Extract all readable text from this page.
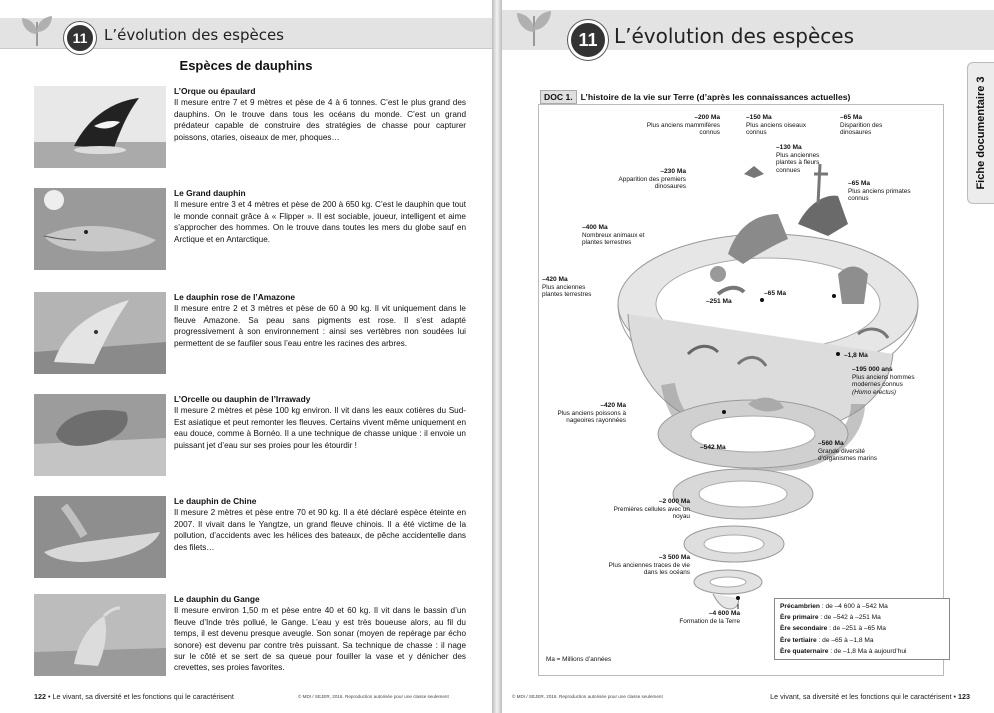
11	L’évolution des espèces
Espèces de dauphins
L’Orque ou épaulard
Il mesure entre 7 et 9 mètres et pèse de 4 à 6 tonnes. C’est le plus grand des dauphins. On le trouve dans tous les océans du monde. C’est un grand prédateur capable de construire des stratégies de chasse pour capturer poissons, otaries, oiseaux de mer, phoques…
Le Grand dauphin
Il mesure entre 3 et 4 mètres et pèse de 200 à 650 kg. C’est le dauphin que tout le monde connait grâce à « Flipper ». Il est sociable, joueur, intelligent et aime s’approcher des hommes. On le trouve dans toutes les mers du globe sauf en Arctique et en Antarctique.
Le dauphin rose de l’Amazone
Il mesure entre 2 et 3 mètres et pèse de 60 à 90 kg. Il vit uniquement dans le fleuve Amazone. Sa peau sans pigments est rose. Il s’est adapté progressivement à son environnement : ainsi ses vertèbres non soudées lui permettent de se faufiler sous l’eau entre les racines des arbres.
L’Orcelle ou dauphin de l’Irrawady
Il mesure 2 mètres et pèse 100 kg environ. Il vit dans les eaux cotières du Sud-Est asiatique et peut remonter les fleuves. Certains vivent même uniquement en eau douce, comme à Bornéo. Il a une technique de chasse unique : il envoie un puissant jet d’eau sur ses proies pour les étourdir !
Le dauphin de Chine
Il mesure 2 mètres et pèse entre 70 et 90 kg. Il a été déclaré espèce éteinte en 2007. Il vivait dans le Yangtze, un grand fleuve chinois. Il a été victime de la pollution, d’accidents avec les hélices des bateaux, de pêche accidentelle dans des filets…
Le dauphin du Gange
Il mesure environ 1,50 m et pèse entre 40 et 60 kg. Il vit dans le bassin d’un fleuve d’Inde très pollué, le Gange. L’eau y est très boueuse alors, au fil du temps, il est devenu presque aveugle. Son sonar (moyen de repérage par écho sonore) est devenu par contre très puissant. Sa technique de chasse : il nage sur le côté et se sert de sa queue pour fouiller la vase et y dénicher des crevettes, ses proies favorites.
122 • Le vivant, sa diversité et les fonctions qui le caractérisent	© MDI / SEJER, 2016. Reproduction autorisée pour une classe seulement
11 L’évolution des espèces
Fiche documentaire 3
DOC 1. L’histoire de la vie sur Terre (d’après les connaissances actuelles)
–200 Ma
Plus anciens mammifères connus
–150 Ma
Plus anciens oiseaux connus
–65 Ma
Disparition des dinosaures
–130 Ma
Plus anciennes plantes à fleurs connues
–230 Ma
Apparition des premiers dinosaures	–65 Ma
Plus anciens primates connus
–400 Ma
Nombreux animaux et plantes terrestres
–420 Ma
Plus anciennes plantes terrestres
–251 Ma
–65 Ma
–1,8 Ma
–195 000 ans
Plus anciens hommes modernes connus
(Homo erectus)
–420 Ma
Plus anciens poissons à nageoires rayonnées
–542 Ma
–560 Ma
Grande diversité d’organismes marins
–2 000 Ma
Premières cellules avec un noyau
–3 500 Ma
Plus anciennes traces de vie dans les océans
–4 600 Ma
Formation de la Terre
Précambrien : de –4 600 à –542 Ma
Ère primaire : de –542 à –251 Ma
Ère secondaire : de –251 à –65 Ma
Ère tertiaire : de –65 à –1,8 Ma
Ère quaternaire : de –1,8 Ma à aujourd’hui
Ma = Millions d’années
© MDI / SEJER, 2016. Reproduction autorisée pour une classe seulement	Le vivant, sa diversité et les fonctions qui le caractérisent • 123
